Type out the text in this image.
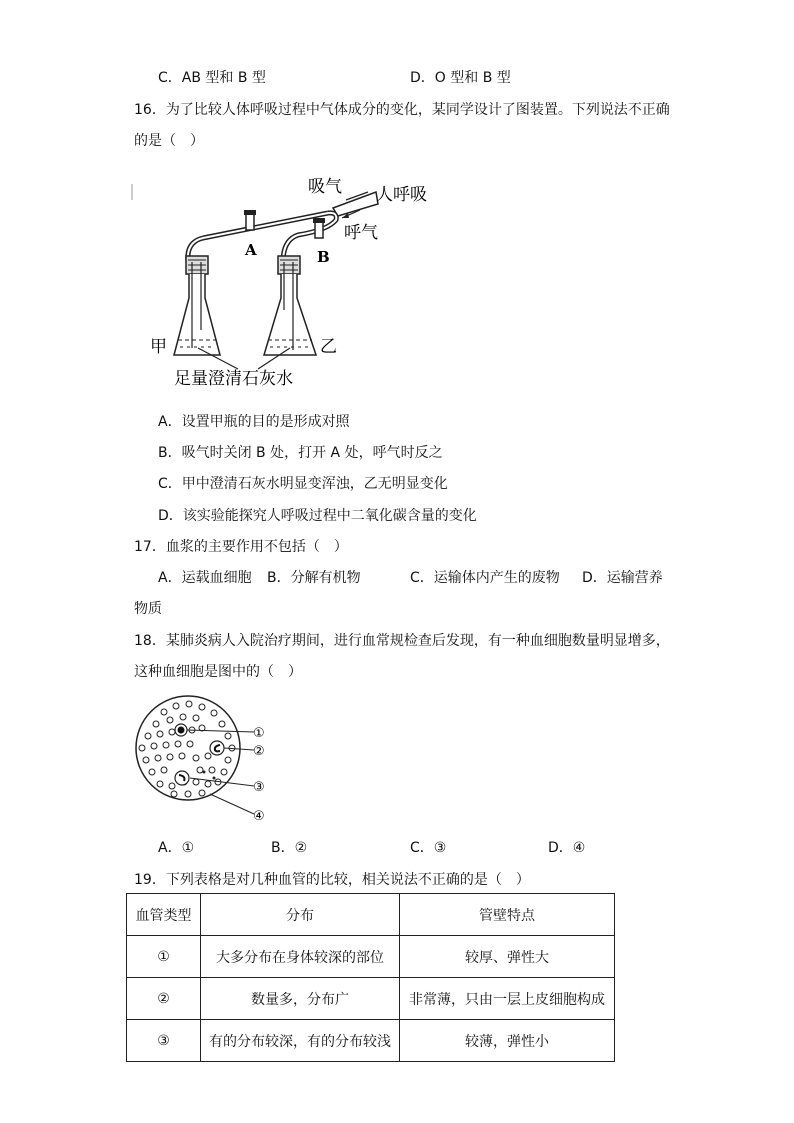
C．AB 型和 B 型	D．O 型和 B 型
16．为了比较人体呼吸过程中气体成分的变化，某同学设计了图装置。下列说法不正确
的是（　）
吸气 人呼吸
呼气
A	B
甲	乙
足量澄清石灰水
A．设置甲瓶的目的是形成对照
B．吸气时关闭 B 处，打开 A 处，呼气时反之
C．甲中澄清石灰水明显变浑浊，乙无明显变化
D．该实验能探究人呼吸过程中二氧化碳含量的变化
17．血浆的主要作用不包括（　）
A．运载血细胞 B．分解有机物	C．运输体内产生的废物 D．运输营养
物质
18．某肺炎病人入院治疗期间，进行血常规检查后发现，有一种血细胞数量明显增多，
这种血细胞是图中的（　）
①
②
③
④
A．①	B．②	C．③	D．④
19．下列表格是对几种血管的比较，相关说法不正确的是（　）
血管类型	分布	管壁特点
①	大多分布在身体较深的部位	较厚、弹性大
②	数量多，分布广	非常薄，只由一层上皮细胞构成
③	有的分布较深，有的分布较浅	较薄，弹性小
